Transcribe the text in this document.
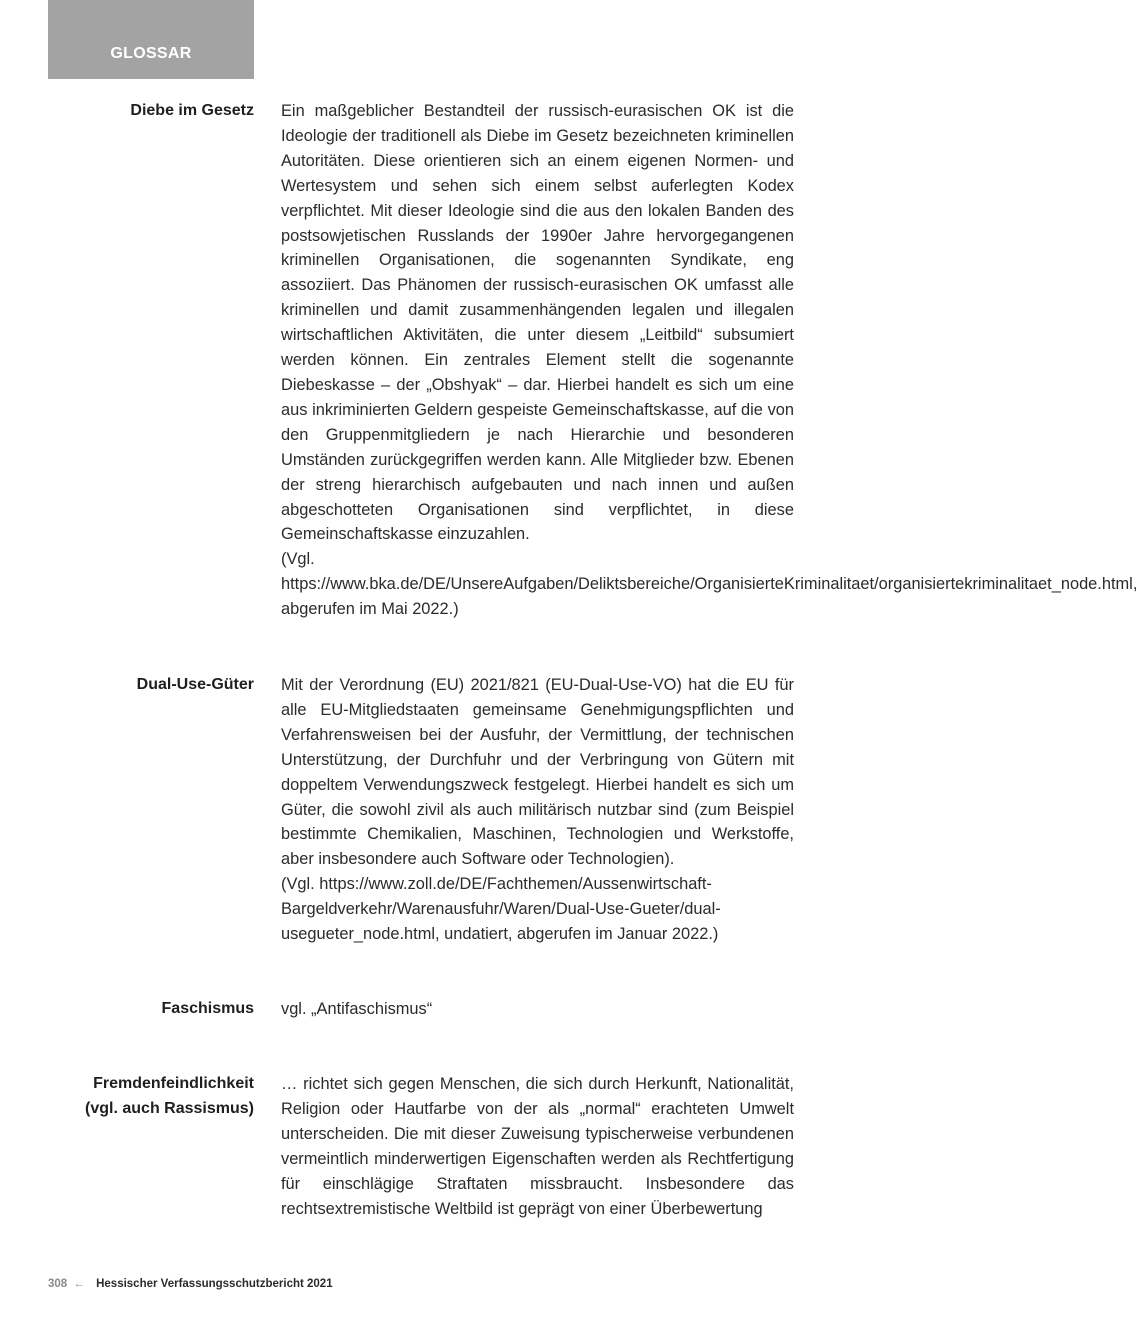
GLOSSAR
Diebe im Gesetz Ein maßgeblicher Bestandteil der russisch-eurasischen OK ist die Ideologie der traditionell als Diebe im Gesetz bezeichneten kriminellen Autoritäten. Diese orientieren sich an einem eigenen Normen- und Wertesystem und sehen sich einem selbst auferlegten Kodex verpflichtet. Mit dieser Ideologie sind die aus den lokalen Banden des postsowjetischen Russlands der 1990er Jahre hervorgegangenen kriminellen Organisationen, die sogenannten Syndikate, eng assoziiert. Das Phänomen der russisch-eurasischen OK umfasst alle kriminellen und damit zusammenhängenden legalen und illegalen wirtschaftlichen Aktivitäten, die unter diesem „Leitbild“ subsumiert werden können. Ein zentrales Element stellt die sogenannte Diebeskasse – der „Obshyak“ – dar. Hierbei handelt es sich um eine aus inkriminierten Geldern gespeiste Gemeinschaftskasse, auf die von den Gruppenmitgliedern je nach Hierarchie und besonderen Umständen zurückgegriffen werden kann. Alle Mitglieder bzw. Ebenen der streng hierarchisch aufgebauten und nach innen und außen abgeschotteten Organisationen sind verpflichtet, in diese Gemeinschaftskasse einzuzahlen.

(Vgl. https://www.bka.de/DE/UnsereAufgaben/Deliktsbereiche/OrganisierteKriminalitaet/organisiertekriminalitaet_node.html, abgerufen im Mai 2022.)

Dual-Use-Güter Mit der Verordnung (EU) 2021/821 (EU-Dual-Use-VO) hat die EU für alle EU-Mitgliedstaaten gemeinsame Genehmigungspflichten und Verfahrensweisen bei der Ausfuhr, der Vermittlung, der technischen Unterstützung, der Durchfuhr und der Verbringung von Gütern mit doppeltem Verwendungszweck festgelegt. Hierbei handelt es sich um Güter, die sowohl zivil als auch militärisch nutzbar sind (zum Beispiel bestimmte Chemikalien, Maschinen, Technologien und Werkstoffe, aber insbesondere auch Software oder Technologien).

(Vgl. https://www.zoll.de/DE/Fachthemen/Aussenwirtschaft-Bargeldverkehr/Warenausfuhr/Waren/Dual-Use-Gueter/dual-usegueter_node.html, undatiert, abgerufen im Januar 2022.)

Faschismus vgl. „Antifaschismus“

Fremdenfeindlichkeit
(vgl. auch Rassismus)

… richtet sich gegen Menschen, die sich durch Herkunft, Nationalität, Religion oder Hautfarbe von der als „normal“ erachteten Umwelt unterscheiden. Die mit dieser Zuweisung typischerweise verbundenen vermeintlich minderwertigen Eigenschaften werden als Rechtfertigung für einschlägige Straftaten missbraucht. Insbesondere das rechtsextremistische Weltbild ist geprägt von einer Überbewertung

308 ← Hessischer Verfassungsschutzbericht 2021
